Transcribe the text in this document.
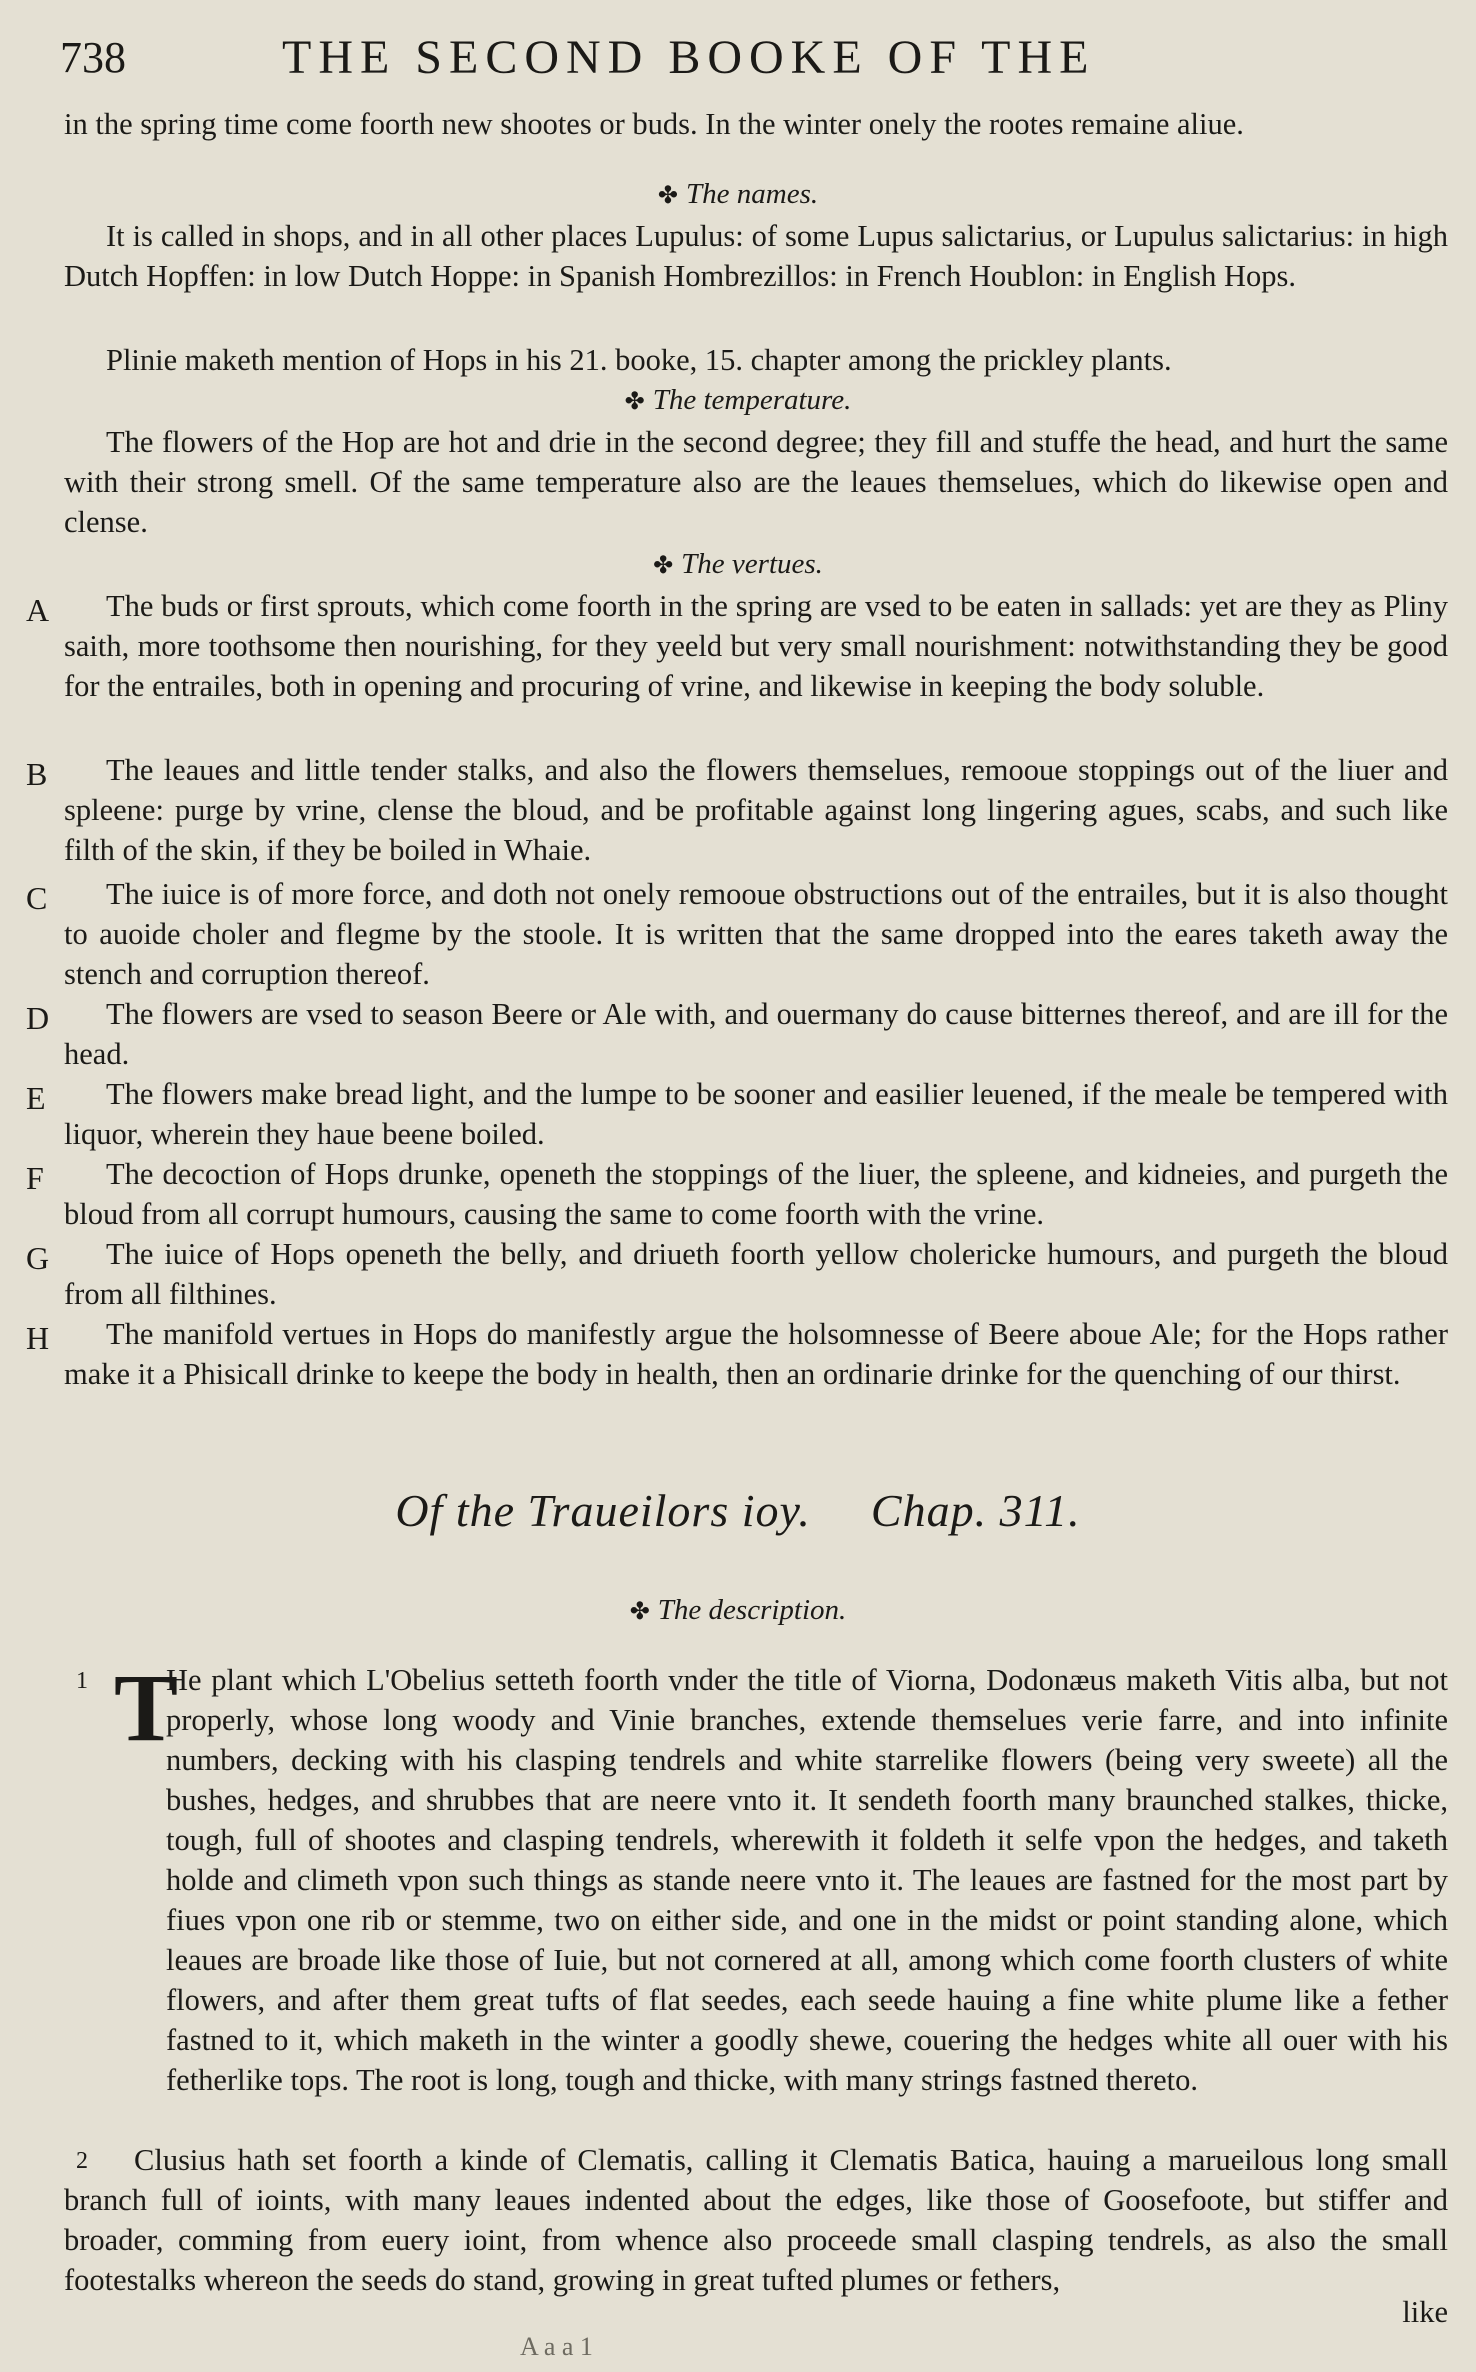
738	THE SECOND BOOKE OF THE
in the spring time come foorth new shootes or buds. In the winter onely the rootes remaine aliue.
✤ The names.
It is called in shops, and in all other places Lupulus: of some Lupus salictarius, or Lupulus salictarius: in high Dutch Hopffen: in low Dutch Hoppe: in Spanish Hombrezillos: in French Houblon: in English Hops.
Plinie maketh mention of Hops in his 21. booke, 15. chapter among the prickley plants.
✤ The temperature.
The flowers of the Hop are hot and drie in the second degree; they fill and stuffe the head, and hurt the same with their strong smell. Of the same temperature also are the leaues themselues, which do likewise open and clense.
✤ The vertues.
A	The buds or first sprouts, which come foorth in the spring are vsed to be eaten in sallads: yet are they as Pliny saith, more toothsome then nourishing, for they yeeld but very small nourishment: notwithstanding they be good for the entrailes, both in opening and procuring of vrine, and likewise in keeping the body soluble.
B	The leaues and little tender stalks, and also the flowers themselues, remooue stoppings out of the liuer and spleene: purge by vrine, clense the bloud, and be profitable against long lingering agues, scabs, and such like filth of the skin, if they be boiled in Whaie.
C	The iuice is of more force, and doth not onely remooue obstructions out of the entrailes, but it is also thought to auoide choler and flegme by the stoole. It is written that the same dropped into the eares taketh away the stench and corruption thereof.
D	The flowers are vsed to season Beere or Ale with, and ouermany do cause bitternes thereof, and are ill for the head.
E	The flowers make bread light, and the lumpe to be sooner and easilier leuened, if the meale be tempered with liquor, wherein they haue beene boiled.
F	The decoction of Hops drunke, openeth the stoppings of the liuer, the spleene, and kidneies, and purgeth the bloud from all corrupt humours, causing the same to come foorth with the vrine.
G	The iuice of Hops openeth the belly, and driueth foorth yellow cholericke humours, and purgeth the bloud from all filthines.
H	The manifold vertues in Hops do manifestly argue the holsomnesse of Beere aboue Ale; for the Hops rather make it a Phisicall drinke to keepe the body in health, then an ordinarie drinke for the quenching of our thirst.
Of the Traueilors ioy. Chap. 311.
✤ The description.
1 T
He plant which L'Obelius setteth foorth vnder the title of Viorna, Dodonæus maketh Vitis alba, but not properly, whose long woody and Vinie branches, extende themselues verie farre, and into infinite numbers, decking with his clasping tendrels and white starrelike flowers (being very sweete) all the bushes, hedges, and shrubbes that are neere vnto it. It sendeth foorth many braunched stalkes, thicke, tough, full of shootes and clasping tendrels, wherewith it foldeth it selfe vpon the hedges, and taketh holde and climeth vpon such things as stande neere vnto it. The leaues are fastned for the most part by fiues vpon one rib or stemme, two on either side, and one in the midst or point standing alone, which leaues are broade like those of Iuie, but not cornered at all, among which come foorth clusters of white flowers, and after them great tufts of flat seedes, each seede hauing a fine white plume like a fether fastned to it, which maketh in the winter a goodly shewe, couering the hedges white all ouer with his fetherlike tops. The root is long, tough and thicke, with many strings fastned thereto.
2	Clusius hath set foorth a kinde of Clematis, calling it Clematis Batica, hauing a marueilous long small branch full of ioints, with many leaues indented about the edges, like those of Goosefoote, but stiffer and broader, comming from euery ioint, from whence also proceede small clasping tendrels, as also the small footestalks whereon the seeds do stand, growing in great tufted plumes or fethers,
like
A a a 1
